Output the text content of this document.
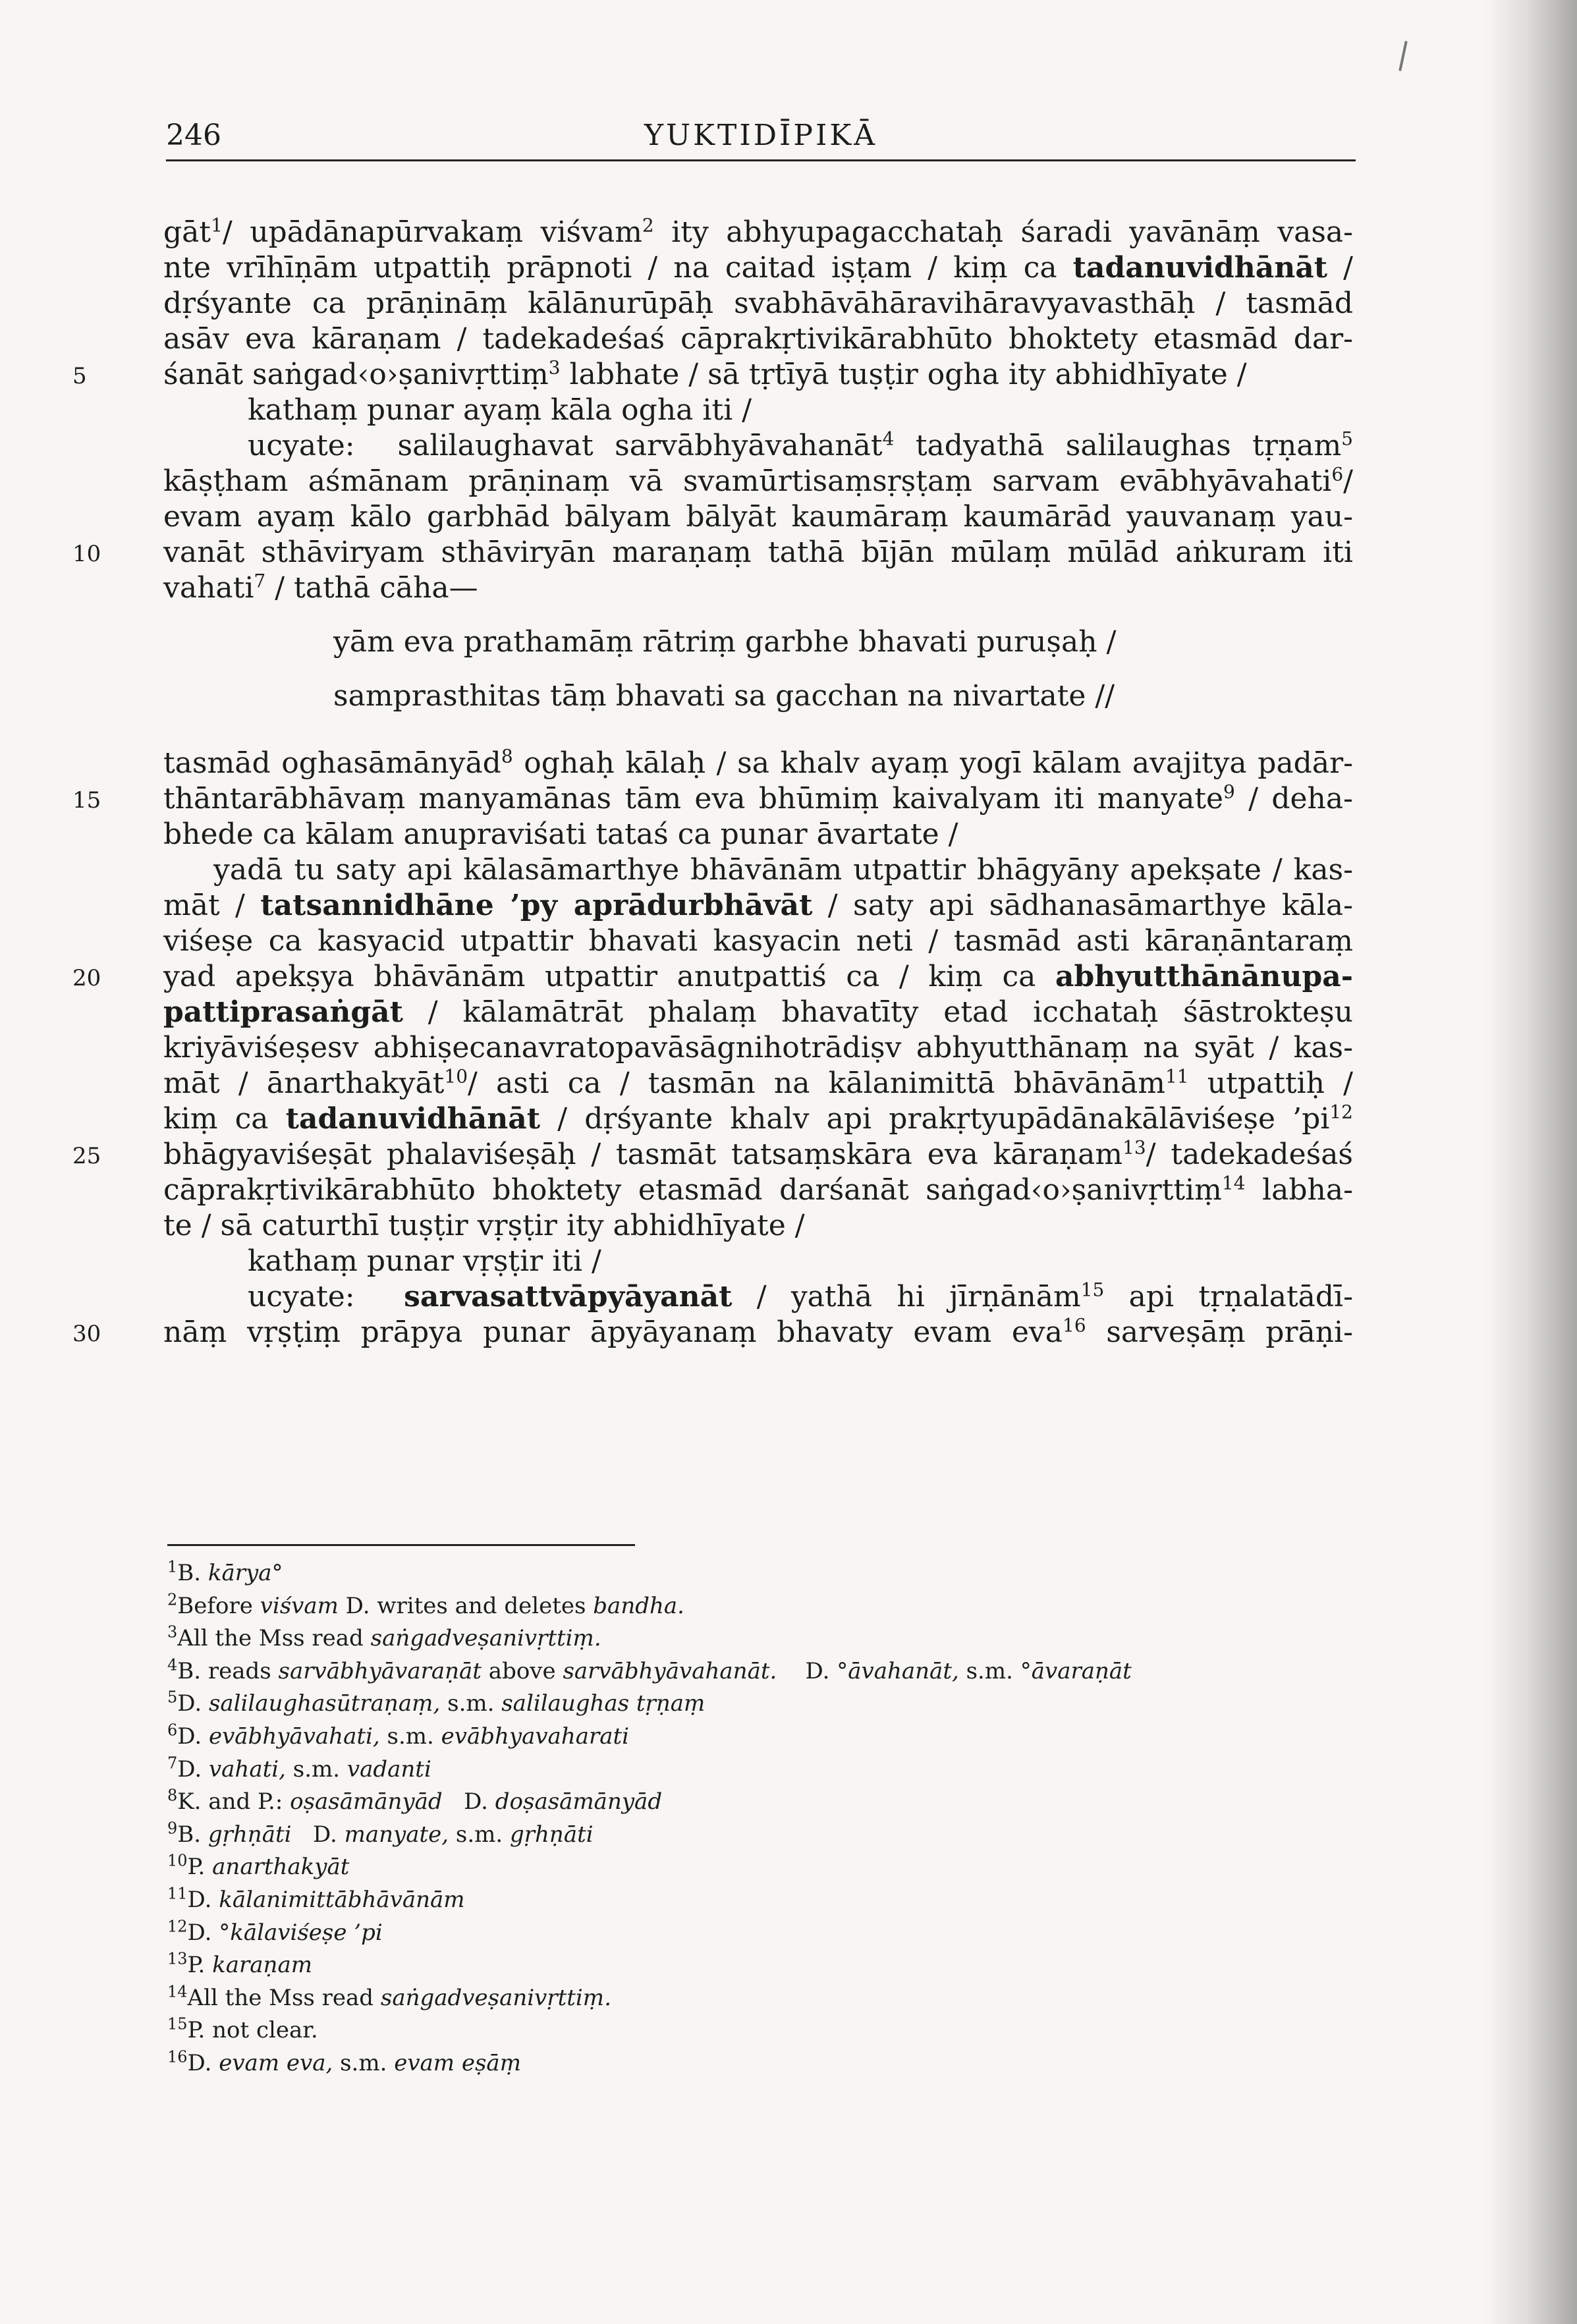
246	YUKTIDĪPIKĀ
gāt$^1$/ upādānapūrvakaṃ viśvam$^2$ ity abhyupagacchataḥ śaradi yavānāṃ vasa-
nte vrīhīṇām utpattiḥ prāpnoti / na caitad iṣṭam / kiṃ ca tadanuvidhānāt /
dṛśyante ca prāṇināṃ kālānurūpāḥ svabhāvāhāravihāravyavasthāḥ / tasmād
asāv eva kāraṇam / tadekadeśaś cāprakṛtivikārabhūto bhoktety etasmād dar-
śanāt saṅgad‹o›ṣanivṛttiṃ$^3$ labhate / sā tṛtīyā tuṣṭir ogha ity abhidhīyate /
5
kathaṃ punar ayaṃ kāla ogha iti /
ucyate:  salilaughavat sarvābhyāvahanāt$^4$ tadyathā salilaughas tṛṇam$^5$
kāṣṭham aśmānam prāṇinaṃ vā svamūrtisaṃsṛṣṭaṃ sarvam evābhyāvahati$^6$/
evam ayaṃ kālo garbhād bālyam bālyāt kaumāraṃ kaumārād yauvanaṃ yau-
vanāt sthāviryam sthāviryān maraṇaṃ tathā bījān mūlaṃ mūlād aṅkuram iti
10
vahati$^7$ / tathā cāha—
yām eva prathamāṃ rātriṃ garbhe bhavati puruṣaḥ /
samprasthitas tāṃ bhavati sa gacchan na nivartate //
tasmād oghasāmānyād$^8$ oghaḥ kālaḥ / sa khalv ayaṃ yogī kālam avajitya padār-
thāntarābhāvaṃ manyamānas tām eva bhūmiṃ kaivalyam iti manyate$^9$ / deha-
15
bhede ca kālam anupraviśati tataś ca punar āvartate /
yadā tu saty api kālasāmarthye bhāvānām utpattir bhāgyāny apekṣate / kas-
māt / tatsannidhāne ’py aprādurbhāvāt / saty api sādhanasāmarthye kāla-
viśeṣe ca kasyacid utpattir bhavati kasyacin neti / tasmād asti kāraṇāntaraṃ
yad apekṣya bhāvānām utpattir anutpattiś ca / kiṃ ca abhyutthānānupa-
20
pattiprasaṅgāt / kālamātrāt phalaṃ bhavatīty etad icchataḥ śāstrokteṣu
kriyāviśeṣesv abhiṣecanavratopavāsāgnihotrādiṣv abhyutthānaṃ na syāt / kas-
māt / ānarthakyāt$^{10}$/ asti ca / tasmān na kālanimittā bhāvānām$^{11}$ utpattiḥ /
kiṃ ca tadanuvidhānāt / dṛśyante khalv api prakṛtyupādānakālāviśeṣe $’pi^{12}$
bhāgyaviśeṣāt phalaviśeṣāḥ / tasmāt tatsaṃskāra eva kāraṇam$^{13}$/ tadekadeśaś
25
cāprakṛtivikārabhūto bhoktety etasmād darśanāt saṅgad‹o›ṣanivṛttiṃ$^{14}$ labha-
te / sā caturthī tuṣṭir vṛṣṭir ity abhidhīyate /
kathaṃ punar vṛṣṭir iti /
ucyate:  sarvasattvāpyāyanāt / yathā hi jīrṇānām$^{15}$ api tṛṇalatādī-
nāṃ vṛṣṭiṃ prāpya punar āpyāyanaṃ bhavaty evam eva$^{16}$ sarveṣāṃ prāṇi-
30
$^1$B. kārya°
$^2$Before viśvam D. writes and deletes bandha.
$^3$All the Mss read saṅgadveṣanivṛttiṃ.
$^4$B. reads sarvābhyāvaraṇāt above sarvābhyāvahanāt.    D. °āvahanāt, s.m. °āvaraṇāt
$^5$D. salilaughasūtraṇaṃ, s.m. salilaughas tṛṇaṃ
$^6$D. evābhyāvahati, s.m. evābhyavaharati
$^7$D. vahati, s.m. vadanti
$^8$K. and P.: oṣasāmānyād   D. doṣasāmānyād
$^9$B. gṛhṇāti   D. manyate, s.m. gṛhṇāti
$^{10}$P. anarthakyāt
$^{11}$D. kālanimittābhāvānām
$^{12}$D. °kālaviśeṣe ’pi
$^{13}$P. karaṇam
$^{14}$All the Mss read saṅgadveṣanivṛttiṃ.
$^{15}$P. not clear.
$^{16}$D. evam eva, s.m. evam eṣāṃ
